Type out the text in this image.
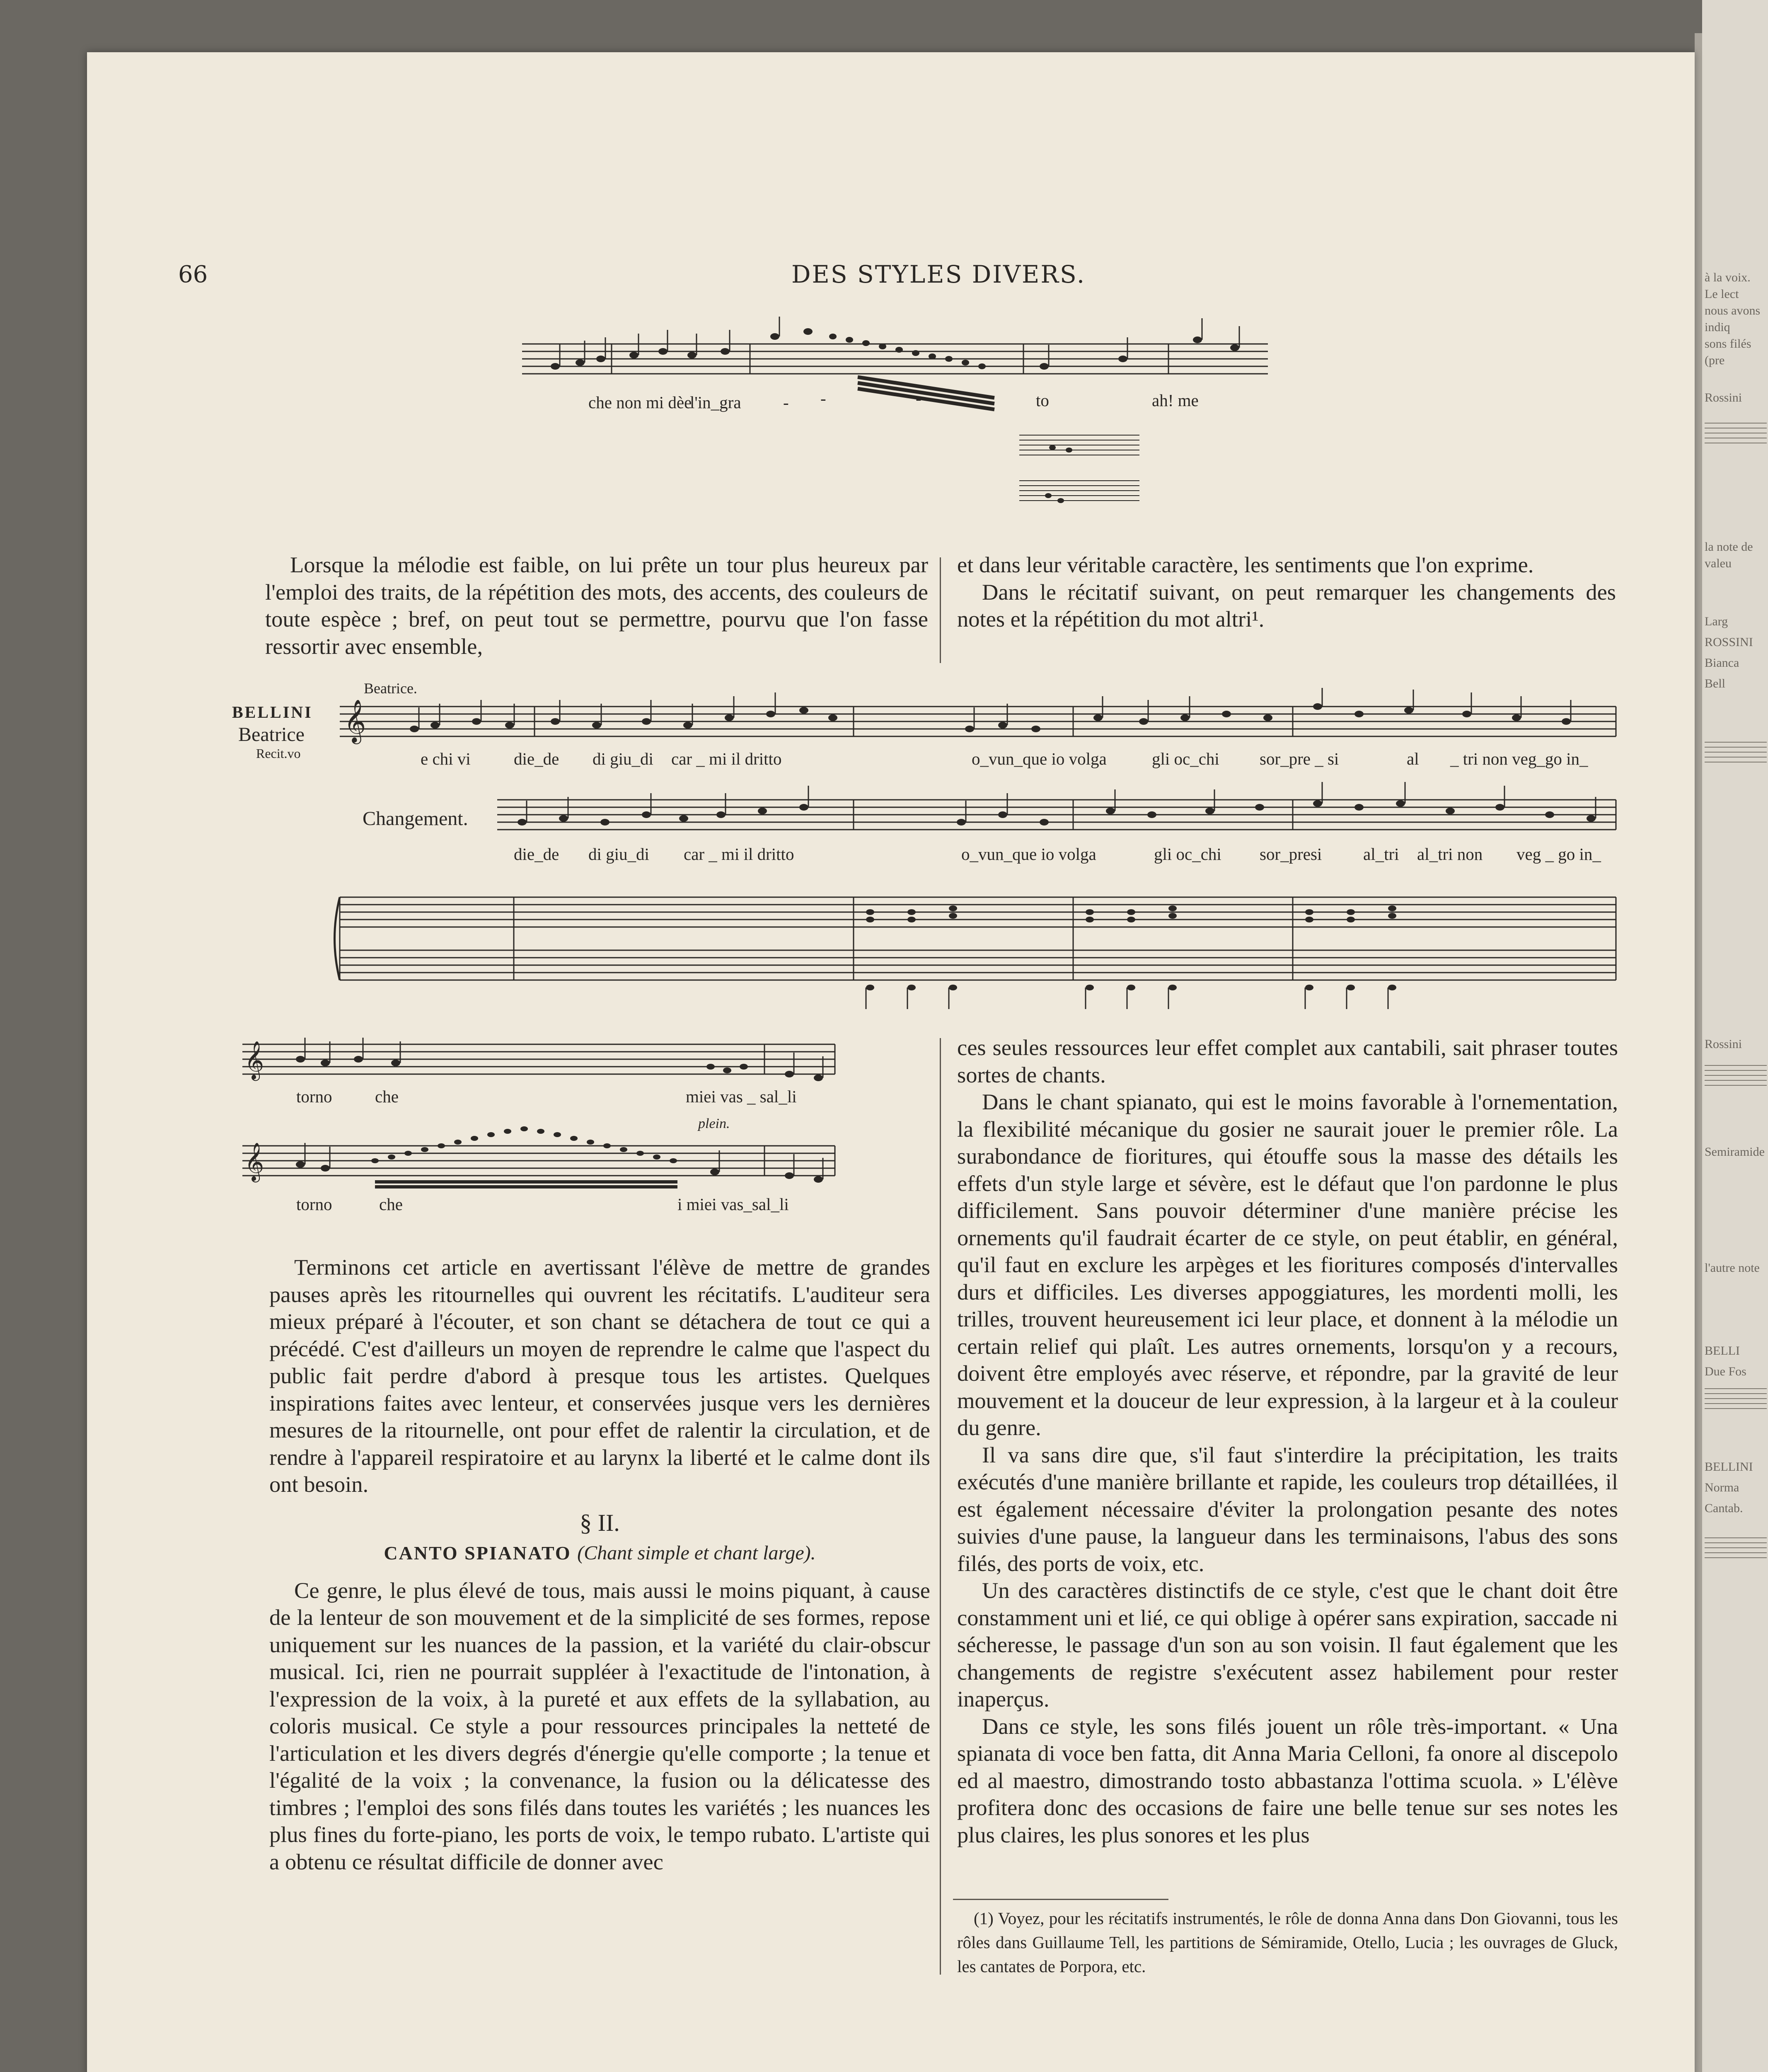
à la voix. Le lect
nous avons indiq
sons filés (pre
Rossini
la note de valeu
Larg
ROSSINI
Bianca
Bell
Rossini
Semiramide
l'autre note
BELLI
Due Fos
BELLINI
Norma
Cantab.
66	DES STYLES DIVERS.
che non mi dèe
l'in_gra - -	-	to	ah! me

Lorsque la mélodie est faible, on lui prête un tour plus heureux par l'emploi des traits, de la répétition des mots, des accents, des couleurs de toute espèce ; bref, on peut tout se permettre, pourvu que l'on fasse ressortir avec ensemble,

et dans leur véritable caractère, les sentiments que l'on exprime.

Dans le récitatif suivant, on peut remarquer les changements des notes et la répétition du mot altri¹.

Beatrice.
BELLINI
Beatrice
Recit.vo
Changement.
𝄞
e chi vi	die_de di giu_di car _ mi il dritto	o_vun_que io volga	gli oc_chi sor_pre _ si	al _ tri non veg_go in_
die_de di giu_di car _ mi il dritto	o_vun_que io volga	gli oc_chi sor_presi al_tri al_tri non veg _ go in_
𝄞
torno	che	miei vas _ sal_li
plein.
𝄞
torno	che	i miei vas_sal_li

Terminons cet article en avertissant l'élève de mettre de grandes pauses après les ritournelles qui ouvrent les récitatifs. L'auditeur sera mieux préparé à l'écouter, et son chant se détachera de tout ce qui a précédé. C'est d'ailleurs un moyen de reprendre le calme que l'aspect du public fait perdre d'abord à presque tous les artistes. Quelques inspirations faites avec lenteur, et conservées jusque vers les dernières mesures de la ritournelle, ont pour effet de ralentir la circulation, et de rendre à l'appareil respiratoire et au larynx la liberté et le calme dont ils ont besoin.

§ II.

CANTO SPIANATO (Chant simple et chant large).

Ce genre, le plus élevé de tous, mais aussi le moins piquant, à cause de la lenteur de son mouvement et de la simplicité de ses formes, repose uniquement sur les nuances de la passion, et la variété du clair-obscur musical. Ici, rien ne pourrait suppléer à l'exactitude de l'intonation, à l'expression de la voix, à la pureté et aux effets de la syllabation, au coloris musical. Ce style a pour ressources principales la netteté de l'articulation et les divers degrés d'énergie qu'elle comporte ; la tenue et l'égalité de la voix ; la convenance, la fusion ou la délicatesse des timbres ; l'emploi des sons filés dans toutes les variétés ; les nuances les plus fines du forte-piano, les ports de voix, le tempo rubato. L'artiste qui a obtenu ce résultat difficile de donner avec

ces seules ressources leur effet complet aux cantabili, sait phraser toutes sortes de chants.

Dans le chant spianato, qui est le moins favorable à l'ornementation, la flexibilité mécanique du gosier ne saurait jouer le premier rôle. La surabondance de fioritures, qui étouffe sous la masse des détails les effets d'un style large et sévère, est le défaut que l'on pardonne le plus difficilement. Sans pouvoir déterminer d'une manière précise les ornements qu'il faudrait écarter de ce style, on peut établir, en général, qu'il faut en exclure les arpèges et les fioritures composés d'intervalles durs et difficiles. Les diverses appoggiatures, les mordenti molli, les trilles, trouvent heureusement ici leur place, et donnent à la mélodie un certain relief qui plaît. Les autres ornements, lorsqu'on y a recours, doivent être employés avec réserve, et répondre, par la gravité de leur mouvement et la douceur de leur expression, à la largeur et à la couleur du genre.

Il va sans dire que, s'il faut s'interdire la précipitation, les traits exécutés d'une manière brillante et rapide, les couleurs trop détaillées, il est également nécessaire d'éviter la prolongation pesante des notes suivies d'une pause, la langueur dans les terminaisons, l'abus des sons filés, des ports de voix, etc.

Un des caractères distinctifs de ce style, c'est que le chant doit être constamment uni et lié, ce qui oblige à opérer sans expiration, saccade ni sécheresse, le passage d'un son au son voisin. Il faut également que les changements de registre s'exécutent assez habilement pour rester inaperçus.

Dans ce style, les sons filés jouent un rôle très-important. « Una spianata di voce ben fatta, dit Anna Maria Celloni, fa onore al discepolo ed al maestro, dimostrando tosto abbastanza l'ottima scuola. » L'élève profitera donc des occasions de faire une belle tenue sur ses notes les plus claires, les plus sonores et les plus

(1) Voyez, pour les récitatifs instrumentés, le rôle de donna Anna dans Don Giovanni, tous les rôles dans Guillaume Tell, les partitions de Sémiramide, Otello, Lucia ; les ouvrages de Gluck, les cantates de Porpora, etc.
